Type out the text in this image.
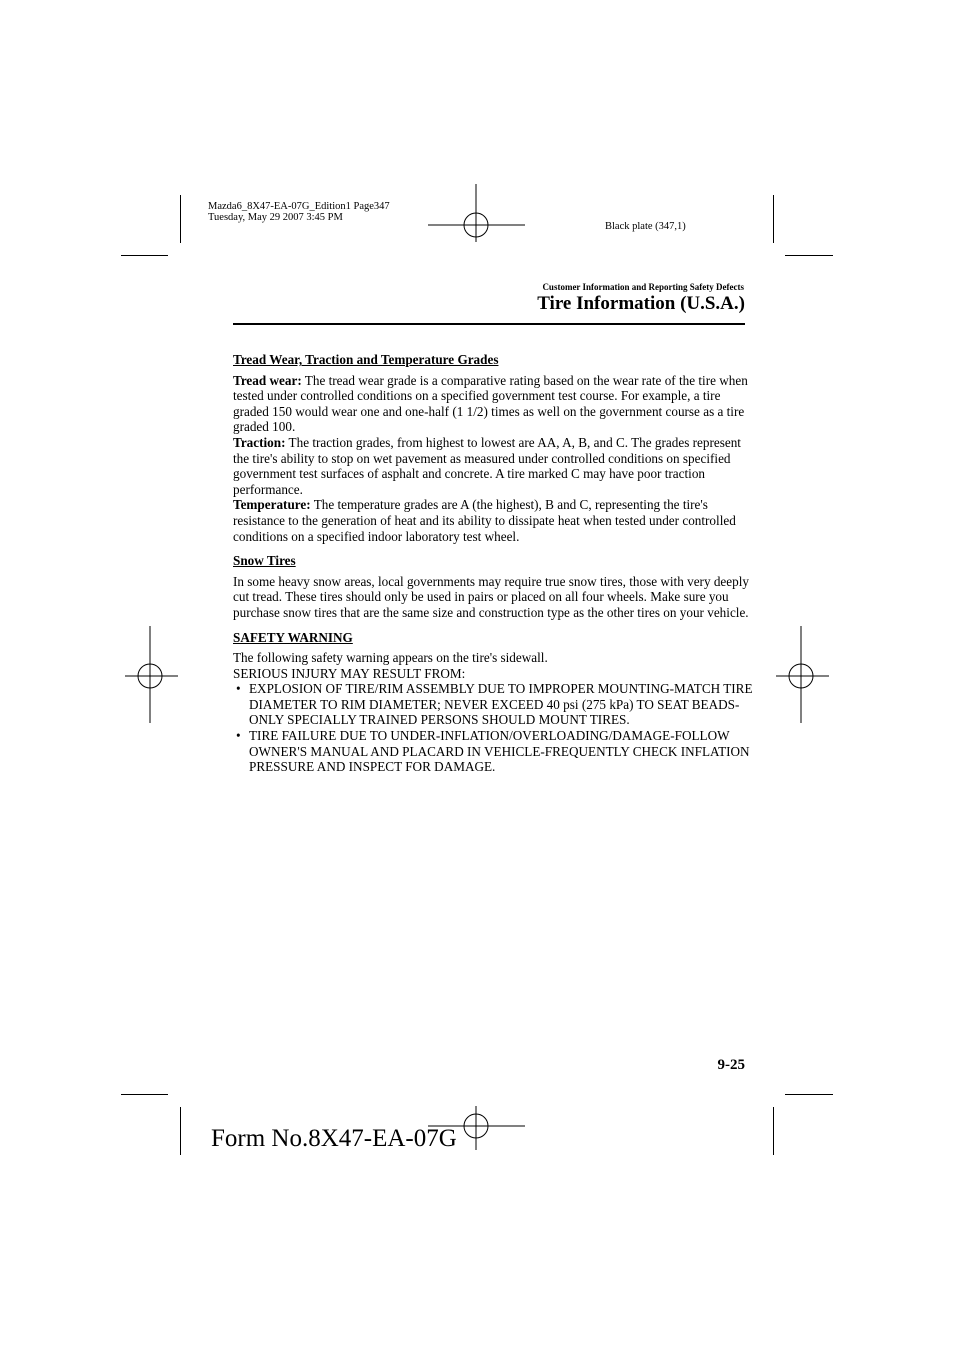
Mazda6_8X47-EA-07G_Edition1 Page347
Tuesday, May 29 2007 3:45 PM
Black plate (347,1)
Customer Information and Reporting Safety Defects
Tire Information (U.S.A.)

Tread Wear, Traction and Temperature Grades

Tread wear: The tread wear grade is a comparative rating based on the wear rate of the tire when tested under controlled conditions on a specified government test course. For example, a tire graded 150 would wear one and one-half (1 1/2) times as well on the government course as a tire graded 100.

Traction: The traction grades, from highest to lowest are AA, A, B, and C. The grades represent the tire's ability to stop on wet pavement as measured under controlled conditions on specified government test surfaces of asphalt and concrete. A tire marked C may have poor traction performance.

Temperature: The temperature grades are A (the highest), B and C, representing the tire's resistance to the generation of heat and its ability to dissipate heat when tested under controlled conditions on a specified indoor laboratory test wheel.

Snow Tires

In some heavy snow areas, local governments may require true snow tires, those with very deeply cut tread. These tires should only be used in pairs or placed on all four wheels. Make sure you purchase snow tires that are the same size and construction type as the other tires on your vehicle.

SAFETY WARNING

The following safety warning appears on the tire's sidewall.

SERIOUS INJURY MAY RESULT FROM:

• EXPLOSION OF TIRE/RIM ASSEMBLY DUE TO IMPROPER MOUNTING-MATCH TIRE DIAMETER TO RIM DIAMETER; NEVER EXCEED 40 psi (275 kPa) TO SEAT BEADS-ONLY SPECIALLY TRAINED PERSONS SHOULD MOUNT TIRES.
• TIRE FAILURE DUE TO UNDER-INFLATION/OVERLOADING/DAMAGE-FOLLOW OWNER'S MANUAL AND PLACARD IN VEHICLE-FREQUENTLY CHECK INFLATION PRESSURE AND INSPECT FOR DAMAGE.
9-25
Form No.8X47-EA-07G
